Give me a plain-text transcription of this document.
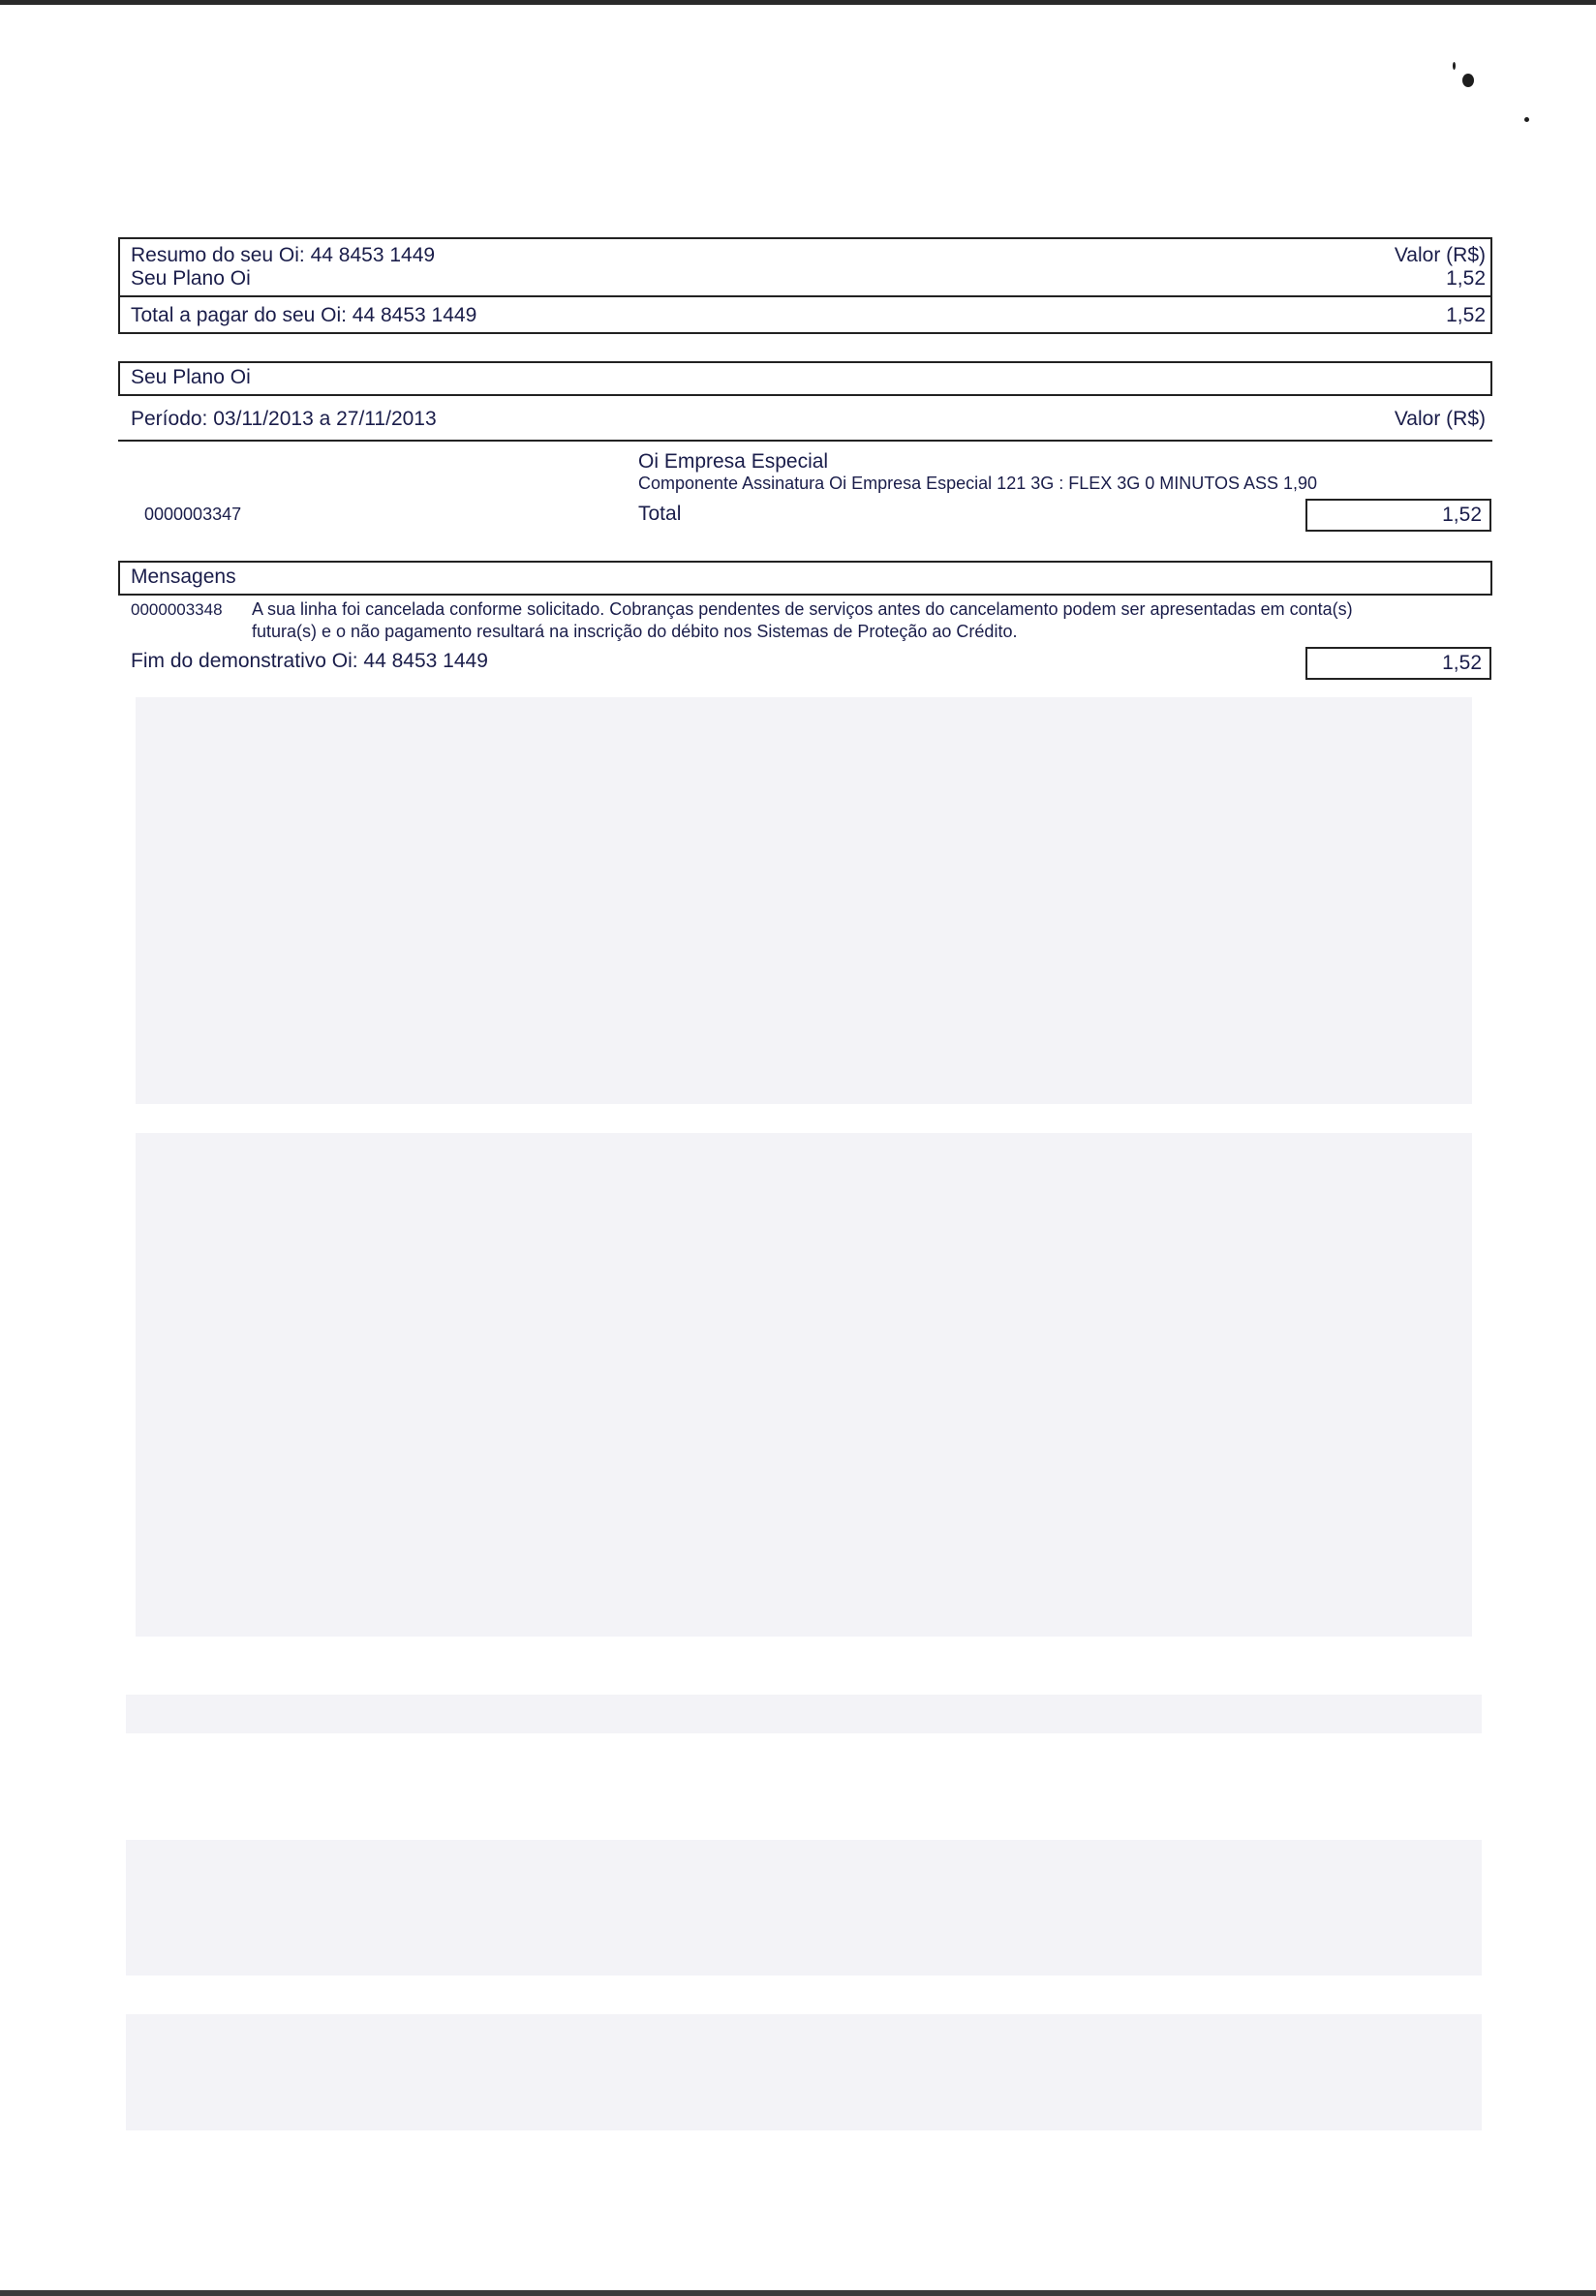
Resumo do seu Oi: 44 8453 1449	Valor (R$)
Seu Plano Oi	1,52
Total a pagar do seu Oi: 44 8453 1449	1,52
Seu Plano Oi
Período: 03/11/2013 a 27/11/2013	Valor (R$)
Oi Empresa Especial
Componente Assinatura Oi Empresa Especial 121 3G : FLEX 3G 0 MINUTOS ASS 1,90
0000003347	Total	1,52
Mensagens
0000003348 A sua linha foi cancelada conforme solicitado. Cobranças pendentes de serviços antes do cancelamento podem ser apresentadas em conta(s)
futura(s) e o não pagamento resultará na inscrição do débito nos Sistemas de Proteção ao Crédito.
Fim do demonstrativo Oi: 44 8453 1449	1,52
